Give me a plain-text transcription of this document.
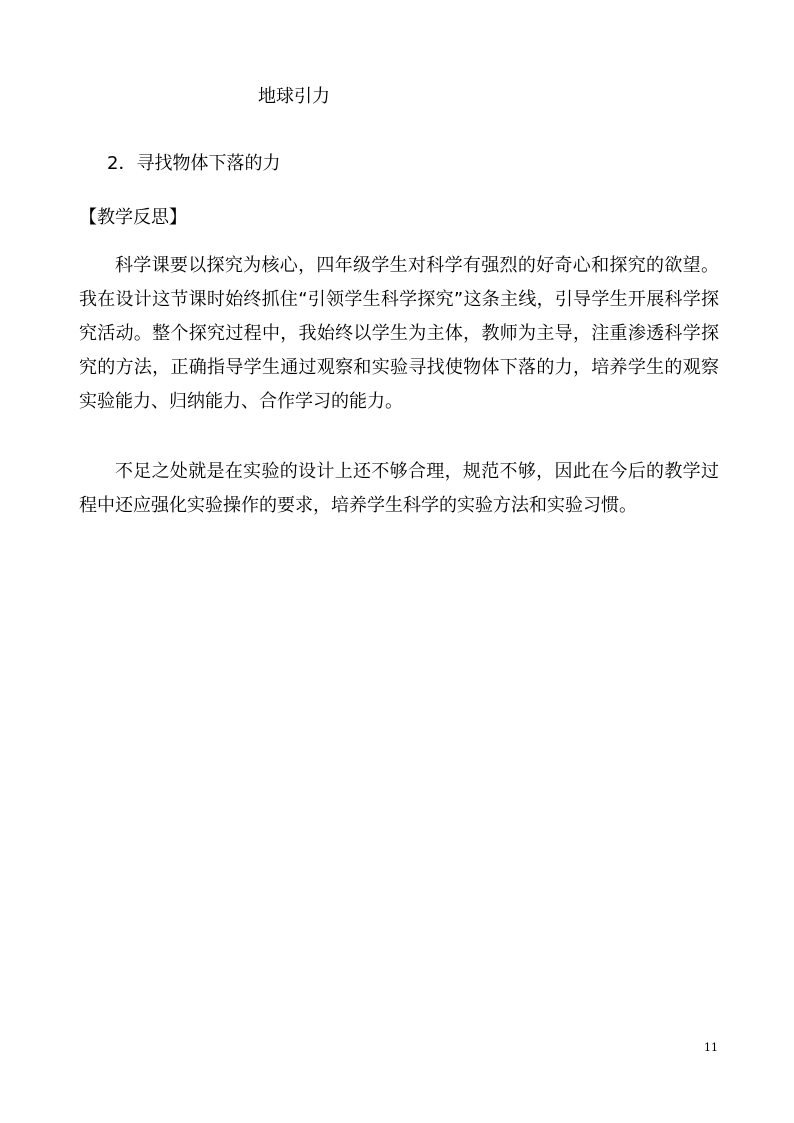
地球引力
2．寻找物体下落的力
【教学反思】
科学课要以探究为核心，四年级学生对科学有强烈的好奇心和探究的欲望。我在设计这节课时始终抓住“引领学生科学探究”这条主线，引导学生开展科学探究活动。整个探究过程中，我始终以学生为主体，教师为主导，注重渗透科学探究的方法，正确指导学生通过观察和实验寻找使物体下落的力，培养学生的观察实验能力、归纳能力、合作学习的能力。
不足之处就是在实验的设计上还不够合理，规范不够，因此在今后的教学过程中还应强化实验操作的要求，培养学生科学的实验方法和实验习惯。
11
